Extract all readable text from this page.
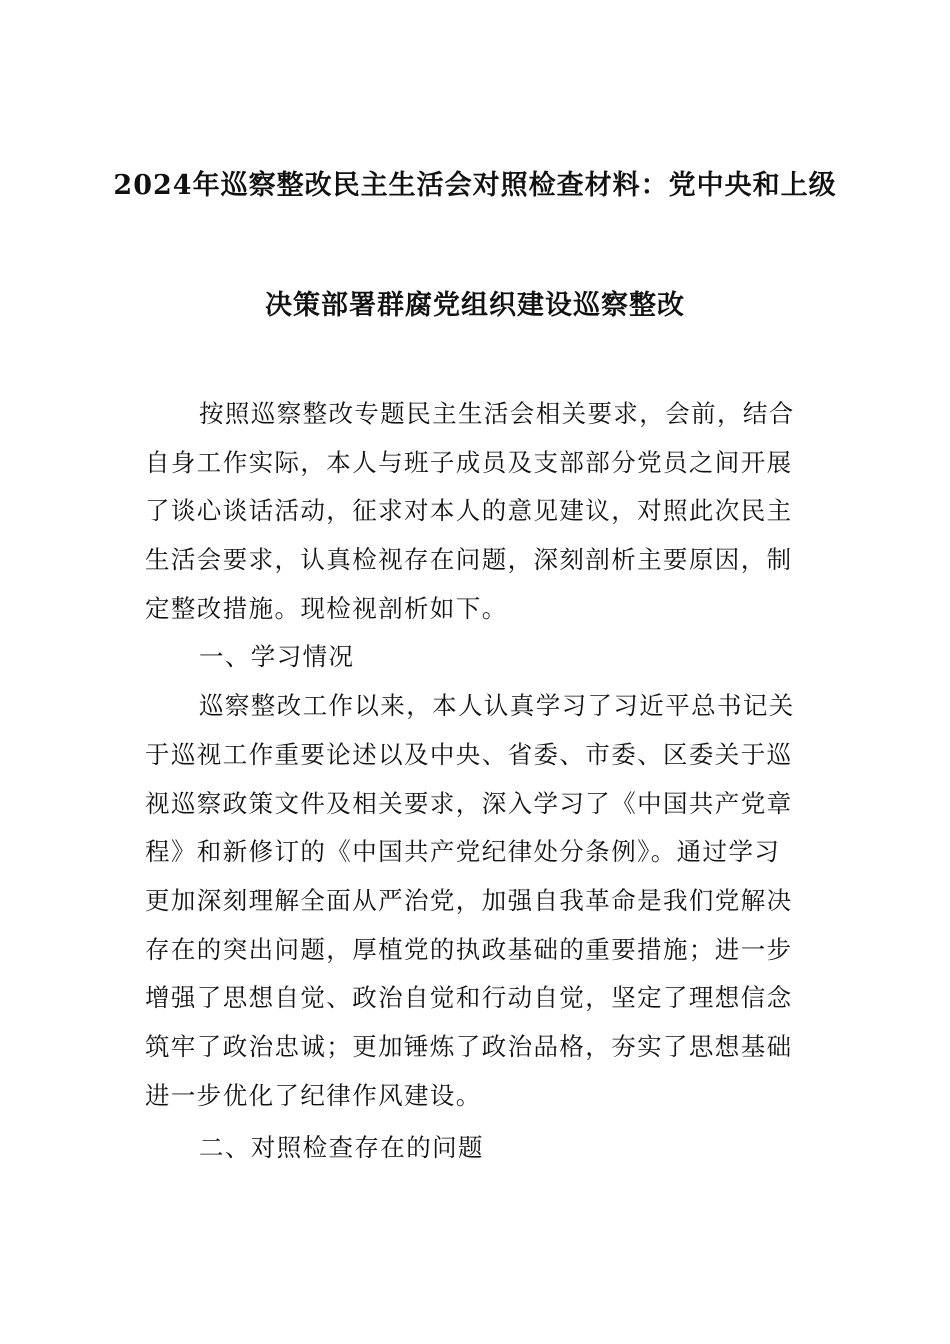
2024年巡察整改民主生活会对照检查材料：党中央和上级
决策部署群腐党组织建设巡察整改
按照巡察整改专题民主生活会相关要求，会前，结合
自身工作实际，本人与班子成员及支部部分党员之间开展
了谈心谈话活动，征求对本人的意见建议，对照此次民主
生活会要求，认真检视存在问题，深刻剖析主要原因，制
定整改措施。现检视剖析如下。
一、学习情况
巡察整改工作以来，本人认真学习了习近平总书记关
于巡视工作重要论述以及中央、省委、市委、区委关于巡
视巡察政策文件及相关要求，深入学习了《中国共产党章
程》和新修订的《中国共产党纪律处分条例》。通过学习
更加深刻理解全面从严治党，加强自我革命是我们党解决
存在的突出问题，厚植党的执政基础的重要措施；进一步
增强了思想自觉、政治自觉和行动自觉，坚定了理想信念
筑牢了政治忠诚；更加锤炼了政治品格，夯实了思想基础
进一步优化了纪律作风建设。
二、对照检查存在的问题
